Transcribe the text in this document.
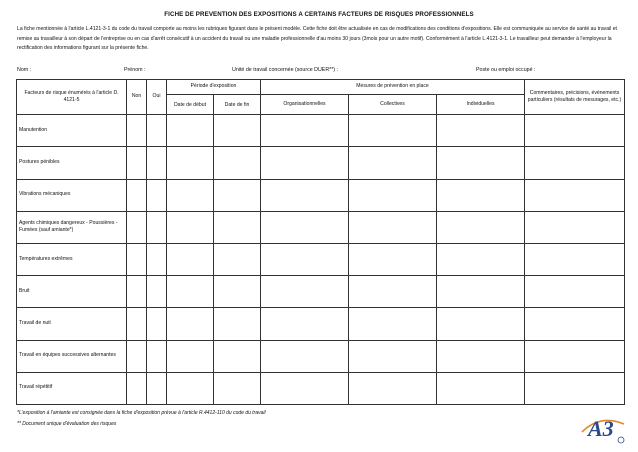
FICHE DE PREVENTION DES EXPOSITIONS A CERTAINS FACTEURS DE RISQUES PROFESSIONNELS
La fiche mentionnée à l'article L.4121-3-1 du code du travail comporte au moins les rubriques figurant dans le présent modèle. Cette fiche doit être actualisée en cas de modifications des conditions d'expositions. Elle est communiquée au service de santé au travail et remise au travailleur à son départ de l'entreprise ou en cas d'arrêt consécutif à un accident du travail ou une maladie professionnelle d'au moins 30 jours (3mois pour un autre motif). Conformément à l'article L.4121-3-1. Le travailleur peut demander à l'employeur la rectification des informations figurant sur la présente fiche.
Nom :	Prénom :	Unité de travail concernée (source DUER**) :	Poste ou emploi occupé :
Facteurs de risque énumérés à l'article D. 4121-5	Non	Oui	Période d'exposition		Mesures de prévention en place			Commentaires, précisions, évènements particuliers (résultats de mesurages, etc.)
			Date de début	Date de fin	Organisationnelles	Collectives	Individuelles	
Manutention								
Postures pénibles								
Vibrations mécaniques								
Agents chimiques dangereux - Poussières - Fumées (sauf amiante*)								
Températures extrêmes								
Bruit								
Travail de nuit								
Travail en équipes successives alternantes								
Travail répétitif								
*L'exposition à l'amiante est consignée dans la fiche d'exposition prévue à l'article R.4412-110 du code du travail
** Document unique d'évaluation des risques	A3
